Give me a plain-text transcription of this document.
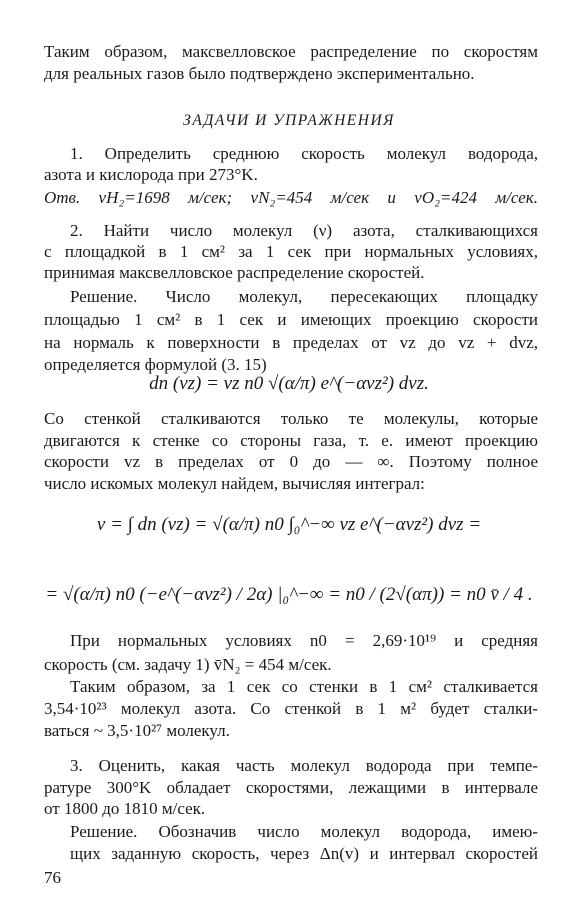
Таким образом, максвелловское распределение по скоростям
для реальных газов было подтверждено экспериментально.
ЗАДАЧИ И УПРАЖНЕНИЯ
1. Определить среднюю скорость молекул водорода,
азота и кислорода при 273°K.
Отв. vH₂=1698 м/сек; vN₂=454 м/сек и vO₂=424 м/сек.
2. Найти число молекул (ν) азота, сталкивающихся
с площадкой в 1 см² за 1 сек при нормальных условиях,
принимая максвелловское распределение скоростей.
Решение. Число молекул, пересекающих площадку
площадью 1 см² в 1 сек и имеющих проекцию скорости
на нормаль к поверхности в пределах от vz до vz + dvz,
определяется формулой (3. 15)
dn (vz) = vz n0 √(α/π) e^(−αvz²) dvz.
Со стенкой сталкиваются только те молекулы, которые
двигаются к стенке со стороны газа, т. е. имеют проекцию
скорости vz в пределах от 0 до — ∞. Поэтому полное
число искомых молекул найдем, вычисляя интеграл:
ν = ∫ dn (vz) = √(α/π) n0 ∫₀^−∞ vz e^(−αvz²) dvz =
= √(α/π) n0 (−e^(−αvz²) / 2α) |₀^−∞ = n0 / (2√(απ)) = n0 v̄ / 4 .
При нормальных условиях n0 = 2,69·10¹⁹ и средняя
скорость (см. задачу 1) v̄N₂ = 454 м/сек.
Таким образом, за 1 сек со стенки в 1 см² сталкивается
3,54·10²³ молекул азота. Со стенкой в 1 м² будет сталки-
ваться ~ 3,5·10²⁷ молекул.
3. Оценить, какая часть молекул водорода при темпе-
ратуре 300°K обладает скоростями, лежащими в интервале
от 1800 до 1810 м/сек.
Решение. Обозначив число молекул водорода, имею-
щих заданную скорость, через Δn(v) и интервал скоростей
76
